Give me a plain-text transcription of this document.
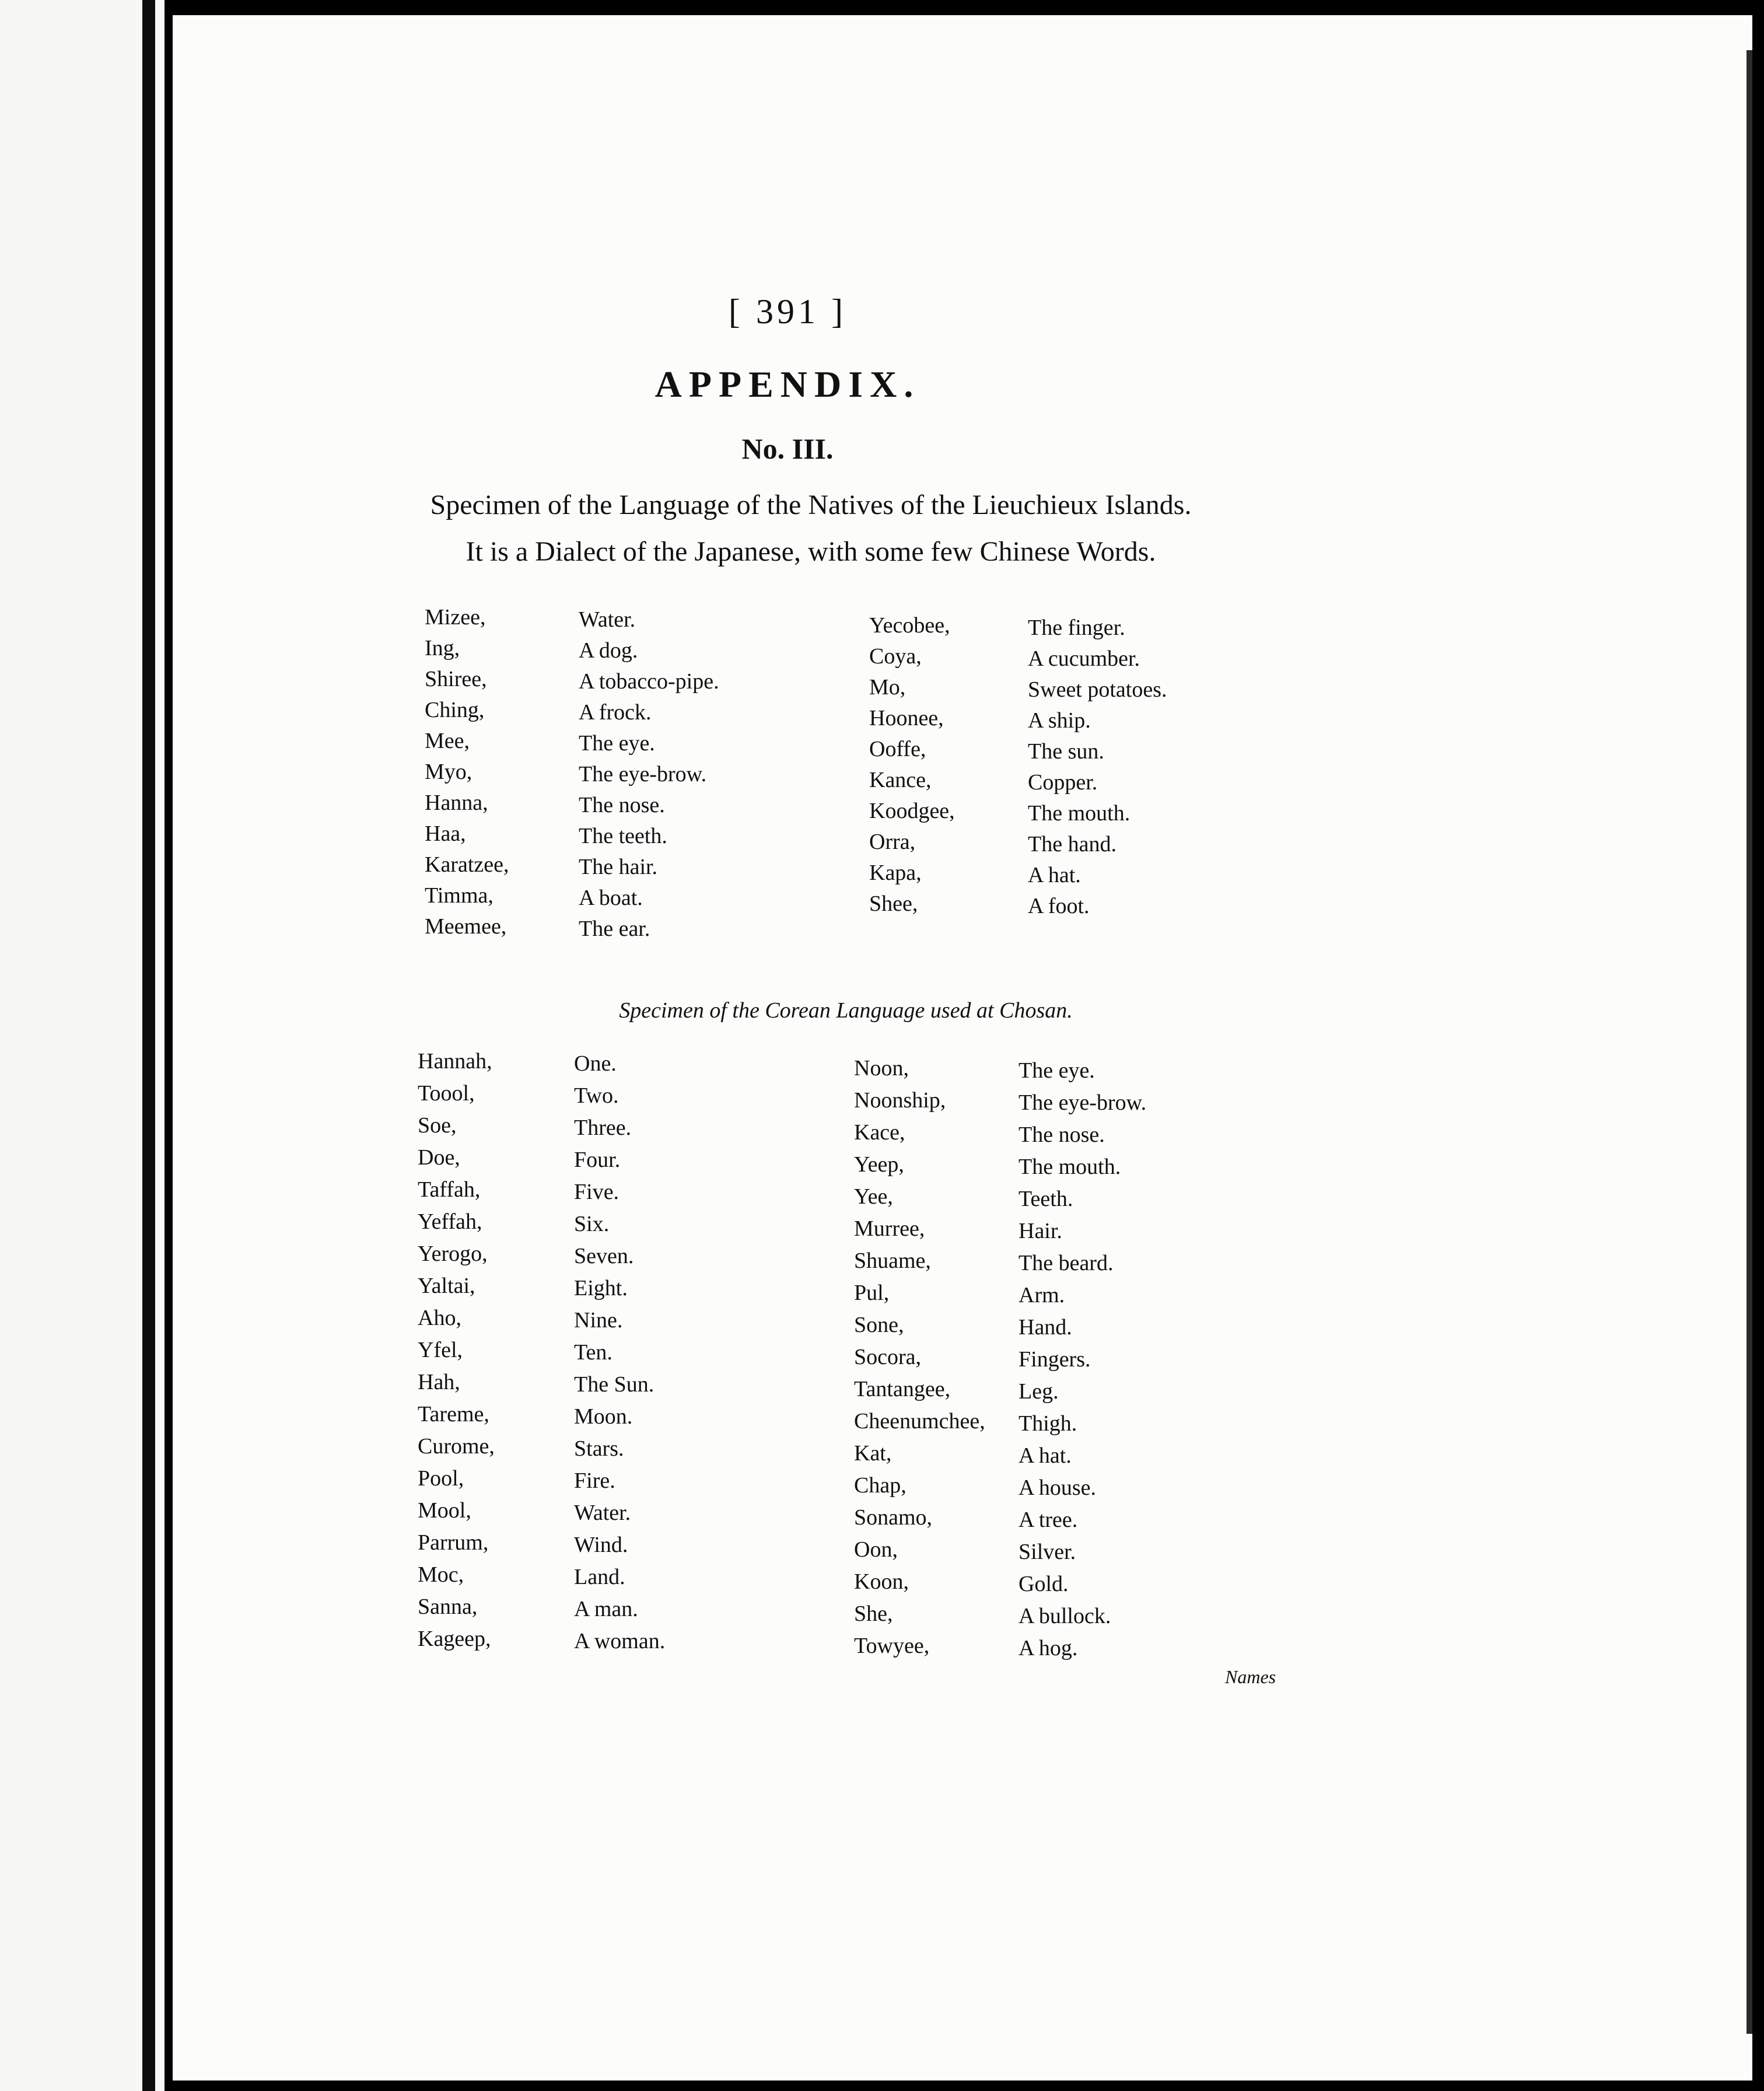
[ 391 ]
APPENDIX.
No. III.
Specimen of the Language of the Natives of the Lieuchieux Islands.
It is a Dialect of the Japanese, with some few Chinese Words.
Mizee,
Ing,
Shiree,
Ching,
Mee,
Myo,
Hanna,
Haa,
Karatzee,
Timma,
Meemee,
Water.
A dog.
A tobacco-pipe.
A frock.
The eye.
The eye-brow.
The nose.
The teeth.
The hair.
A boat.
The ear.
Yecobee,
Coya,
Mo,
Hoonee,
Ooffe,
Kance,
Koodgee,
Orra,
Kapa,
Shee,
The finger.
A cucumber.
Sweet potatoes.
A ship.
The sun.
Copper.
The mouth.
The hand.
A hat.
A foot.
Specimen of the Corean Language used at Chosan.
Hannah,
Toool,
Soe,
Doe,
Taffah,
Yeffah,
Yerogo,
Yaltai,
Aho,
Yfel,
Hah,
Tareme,
Curome,
Pool,
Mool,
Parrum,
Moc,
Sanna,
Kageep,
One.
Two.
Three.
Four.
Five.
Six.
Seven.
Eight.
Nine.
Ten.
The Sun.
Moon.
Stars.
Fire.
Water.
Wind.
Land.
A man.
A woman.
Noon,
Noonship,
Kace,
Yeep,
Yee,
Murree,
Shuame,
Pul,
Sone,
Socora,
Tantangee,
Cheenumchee,
Kat,
Chap,
Sonamo,
Oon,
Koon,
She,
Towyee,
The eye.
The eye-brow.
The nose.
The mouth.
Teeth.
Hair.
The beard.
Arm.
Hand.
Fingers.
Leg.
Thigh.
A hat.
A house.
A tree.
Silver.
Gold.
A bullock.
A hog.
Names
